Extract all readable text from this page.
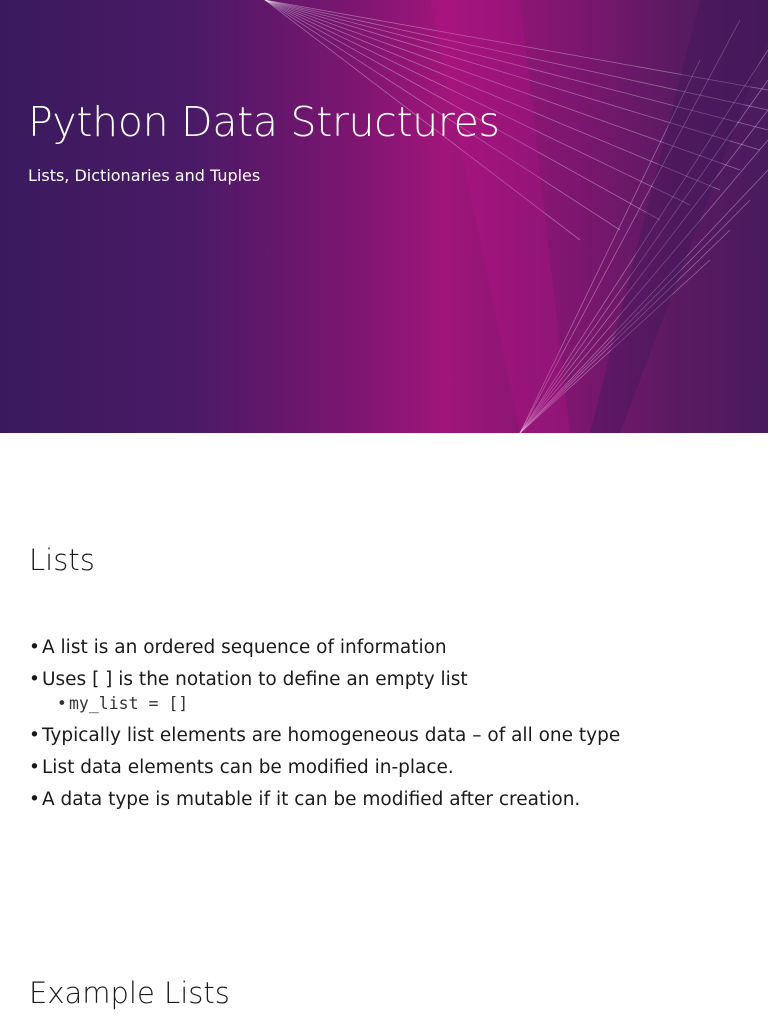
Python Data Structures
Lists, Dictionaries and Tuples
Lists
• A list is an ordered sequence of information
• Uses [ ] is the notation to define an empty list
• my_list = []
• Typically list elements are homogeneous data – of all one type
• List data elements can be modified in-place.
• A data type is mutable if it can be modified after creation.
Example Lists
